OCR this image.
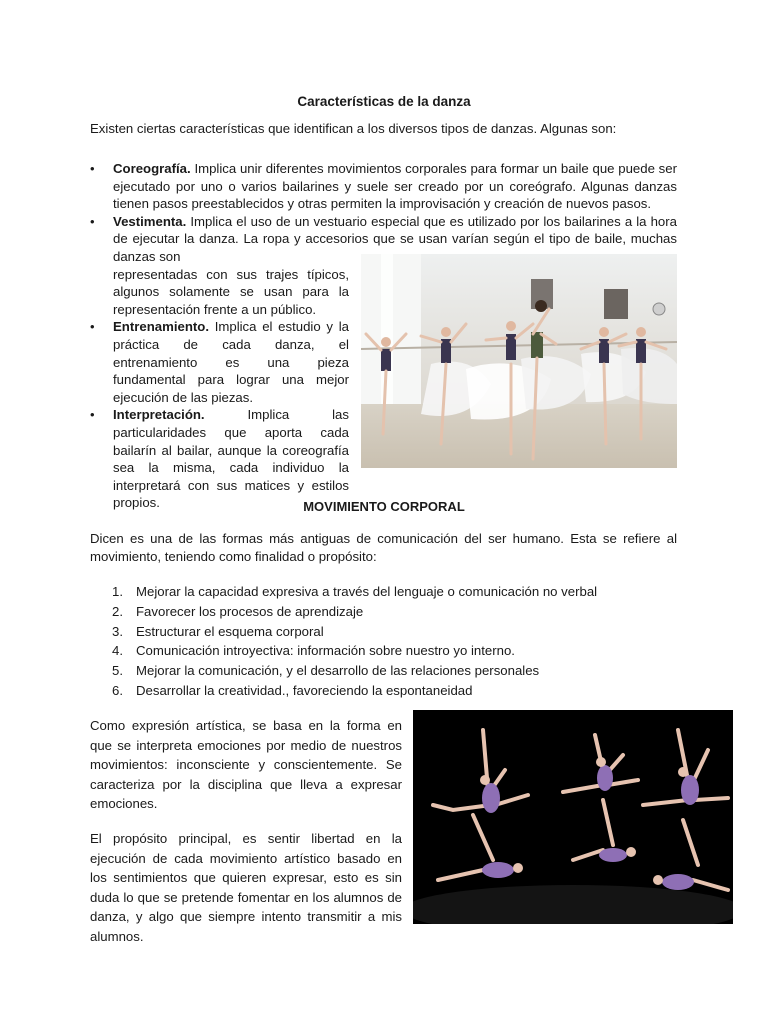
Características de la danza
Existen ciertas características que identifican a los diversos tipos de danzas. Algunas son:
• Coreografía. Implica unir diferentes movimientos corporales para formar un baile que puede ser ejecutado por uno o varios bailarines y suele ser creado por un coreógrafo. Algunas danzas tienen pasos preestablecidos y otras permiten la improvisación y creación de nuevos pasos.
• Vestimenta. Implica el uso de un vestuario especial que es utilizado por los bailarines a la hora de ejecutar la danza. La ropa y accesorios que se usan varían según el tipo de baile, muchas danzas son
representadas con sus trajes típicos, algunos solamente se usan para la representación frente a un público.
• Entrenamiento. Implica el estudio y la práctica de cada danza, el entrenamiento es una pieza fundamental para lograr una mejor ejecución de las piezas.
• Interpretación. Implica las particularidades que aporta cada bailarín al bailar, aunque la coreografía sea la misma, cada individuo la interpretará con sus matices y estilos propios.	MOVIMIENTO CORPORAL
Dicen es una de las formas más antiguas de comunicación del ser humano. Esta se refiere al movimiento, teniendo como finalidad o propósito:
1. Mejorar la capacidad expresiva a través del lenguaje o comunicación no verbal
2. Favorecer los procesos de aprendizaje
3. Estructurar el esquema corporal
4. Comunicación introyectiva: información sobre nuestro yo interno.
5. Mejorar la comunicación, y el desarrollo de las relaciones personales
6. Desarrollar la creatividad., favoreciendo la espontaneidad
Como expresión artística, se basa en la forma en que se interpreta emociones por medio de nuestros movimientos: inconsciente y conscientemente. Se caracteriza por la disciplina que lleva a expresar emociones.
El propósito principal, es sentir libertad en la ejecución de cada movimiento artístico basado en los sentimientos que quieren expresar, esto es sin duda lo que se pretende fomentar en los alumnos de danza, y algo que siempre intento transmitir a mis alumnos.
